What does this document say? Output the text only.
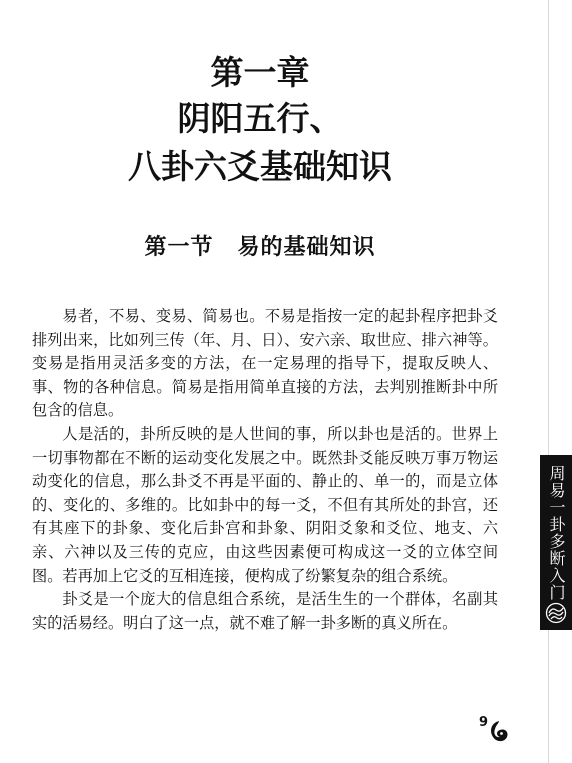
第一章
阴阳五行、
八卦六爻基础知识
第一节 易的基础知识

易者，不易、变易、简易也。不易是指按一定的起卦程序把卦爻排列出来，比如列三传（年、月、日）、安六亲、取世应、排六神等。变易是指用灵活多变的方法，在一定易理的指导下，提取反映人、事、物的各种信息。简易是指用简单直接的方法，去判别推断卦中所包含的信息。

人是活的，卦所反映的是人世间的事，所以卦也是活的。世界上一切事物都在不断的运动变化发展之中。既然卦爻能反映万事万物运动变化的信息，那么卦爻不再是平面的、静止的、单一的，而是立体的、变化的、多维的。比如卦中的每一爻，不但有其所处的卦宫，还有其座下的卦象、变化后卦宫和卦象、阴阳爻象和爻位、地支、六亲、六神以及三传的克应，由这些因素便可构成这一爻的立体空间图。若再加上它爻的互相连接，便构成了纷繁复杂的组合系统。

卦爻是一个庞大的信息组合系统，是活生生的一个群体，名副其实的活易经。明白了这一点，就不难了解一卦多断的真义所在。

周易一卦多断入门
9
